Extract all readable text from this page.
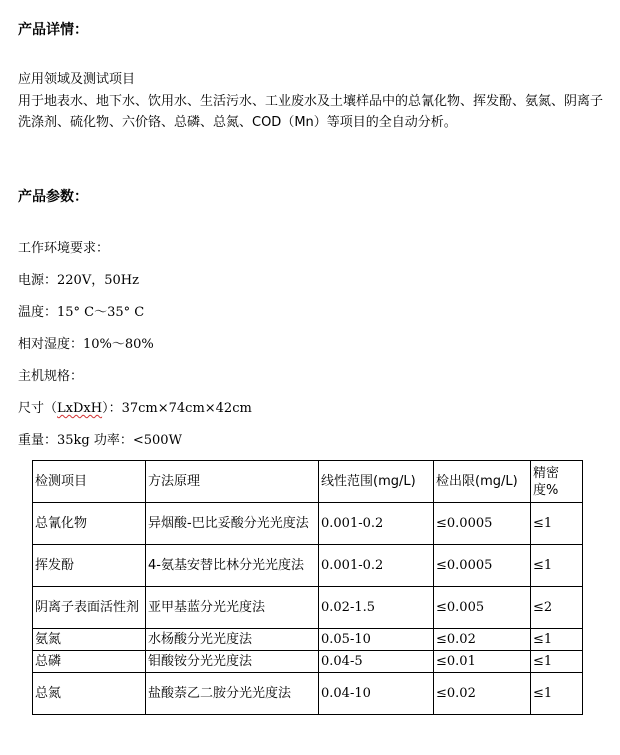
产品详情：
应用领域及测试项目
用于地表水、地下水、饮用水、生活污水、工业废水及土壤样品中的总氰化物、挥发酚、氨氮、阴离子洗涤剂、硫化物、六价铬、总磷、总氮、COD（Mn）等项目的全自动分析。
产品参数：
工作环境要求：
电源：220V，50Hz
温度：15° C～35° C
相对湿度：10%～80%
主机规格：
尺寸（LxDxH）：37cm×74cm×42cm
重量：35kg 功率：<500W
检测项目	方法原理	线性范围(mg/L)	检出限(mg/L)	精密度%
总氰化物	异烟酸-巴比妥酸分光光度法	0.001-0.2	≤0.0005	≤1
挥发酚	4-氨基安替比林分光光度法	0.001-0.2	≤0.0005	≤1
阴离子表面活性剂	亚甲基蓝分光光度法	0.02-1.5	≤0.005	≤2
氨氮	水杨酸分光光度法	0.05-10	≤0.02	≤1
总磷	钼酸铵分光光度法	0.04-5	≤0.01	≤1
总氮	盐酸萘乙二胺分光光度法	0.04-10	≤0.02	≤1
